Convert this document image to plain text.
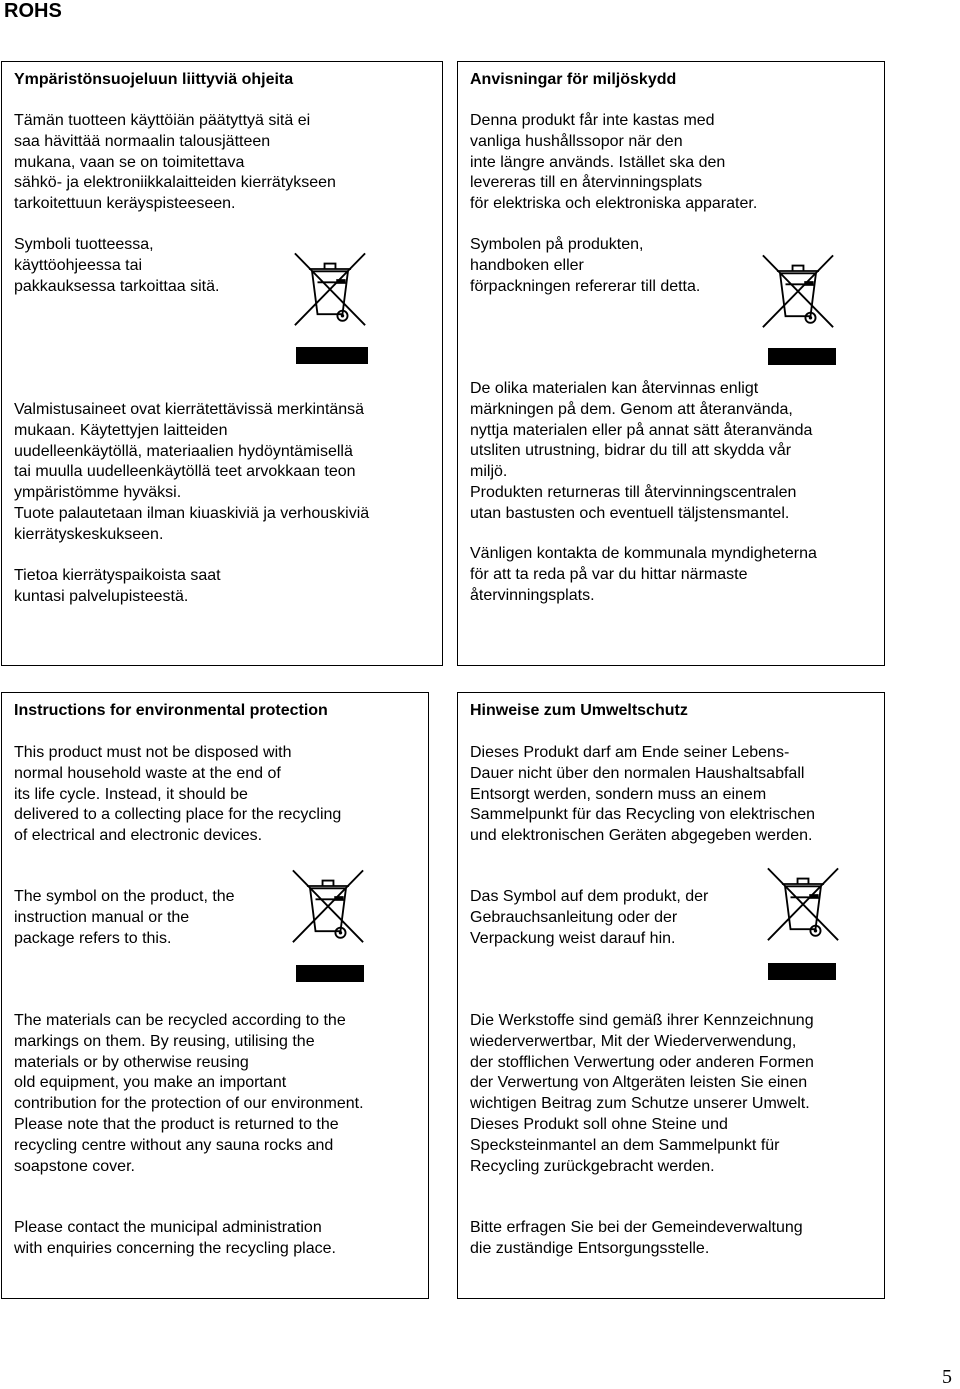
ROHS
Ympäristönsuojeluun liittyviä ohjeita
Tämän tuotteen käyttöiän päätyttyä sitä ei
saa hävittää normaalin talousjätteen
mukana, vaan se on toimitettava
sähkö- ja elektroniikkalaitteiden kierrätykseen
tarkoitettuun keräyspisteeseen.
Symboli tuotteessa,
käyttöohjeessa tai
pakkauksessa tarkoittaa sitä.
Valmistusaineet ovat kierrätettävissä merkintänsä
mukaan. Käytettyjen laitteiden
uudelleenkäytöllä, materiaalien hydöyntämisellä
tai muulla uudelleenkäytöllä teet arvokkaan teon
ympäristömme hyväksi.
Tuote palautetaan ilman kiuaskiviä ja verhouskiviä
kierrätyskeskukseen.
Tietoa kierrätyspaikoista saat
kuntasi palvelupisteestä.
Anvisningar för miljöskydd
Denna produkt får inte kastas med
vanliga hushållssopor när den
inte längre används. Istället ska den
levereras till en återvinningsplats
för elektriska och elektroniska apparater.
Symbolen på produkten,
handboken eller
förpackningen refererar till detta.
De olika materialen kan återvinnas enligt
märkningen på dem. Genom att återanvända,
nyttja materialen eller på annat sätt återanvända
utsliten utrustning, bidrar du till att skydda vår
miljö.
Produkten returneras till återvinningscentralen
utan bastusten och eventuell täljstensmantel.
Vänligen kontakta de kommunala myndigheterna
för att ta reda på var du hittar närmaste
återvinningsplats.
Instructions for environmental protection
This product must not be disposed with
normal household waste at the end of
its life cycle. Instead, it should be
delivered to a collecting place for the recycling
of electrical and electronic devices.
The symbol on the product, the
instruction manual or the
package refers to this.
The materials can be recycled according to the
markings on them. By reusing, utilising the
materials or by otherwise reusing
old equipment, you make an important
contribution for the protection of our environment.
Please note that the product is returned to the
recycling centre without any sauna rocks and
soapstone cover.
Please contact the municipal administration
with enquiries concerning the recycling place.
Hinweise zum Umweltschutz
Dieses Produkt darf am Ende seiner Lebens-
Dauer nicht über den normalen Haushaltsabfall
Entsorgt werden, sondern muss an einem
Sammelpunkt für das Recycling von elektrischen
und elektronischen Geräten abgegeben werden.
Das Symbol auf dem produkt, der
Gebrauchsanleitung oder der
Verpackung weist darauf hin.
Die Werkstoffe sind gemäß ihrer Kennzeichnung
wiederverwertbar, Mit der Wiederverwendung,
der stofflichen Verwertung oder anderen Formen
der Verwertung von Altgeräten leisten Sie einen
wichtigen Beitrag zum Schutze unserer Umwelt.
Dieses Produkt soll ohne Steine und
Specksteinmantel an dem Sammelpunkt für
Recycling zurückgebracht werden.
Bitte erfragen Sie bei der Gemeindeverwaltung
die zuständige Entsorgungsstelle.
5
